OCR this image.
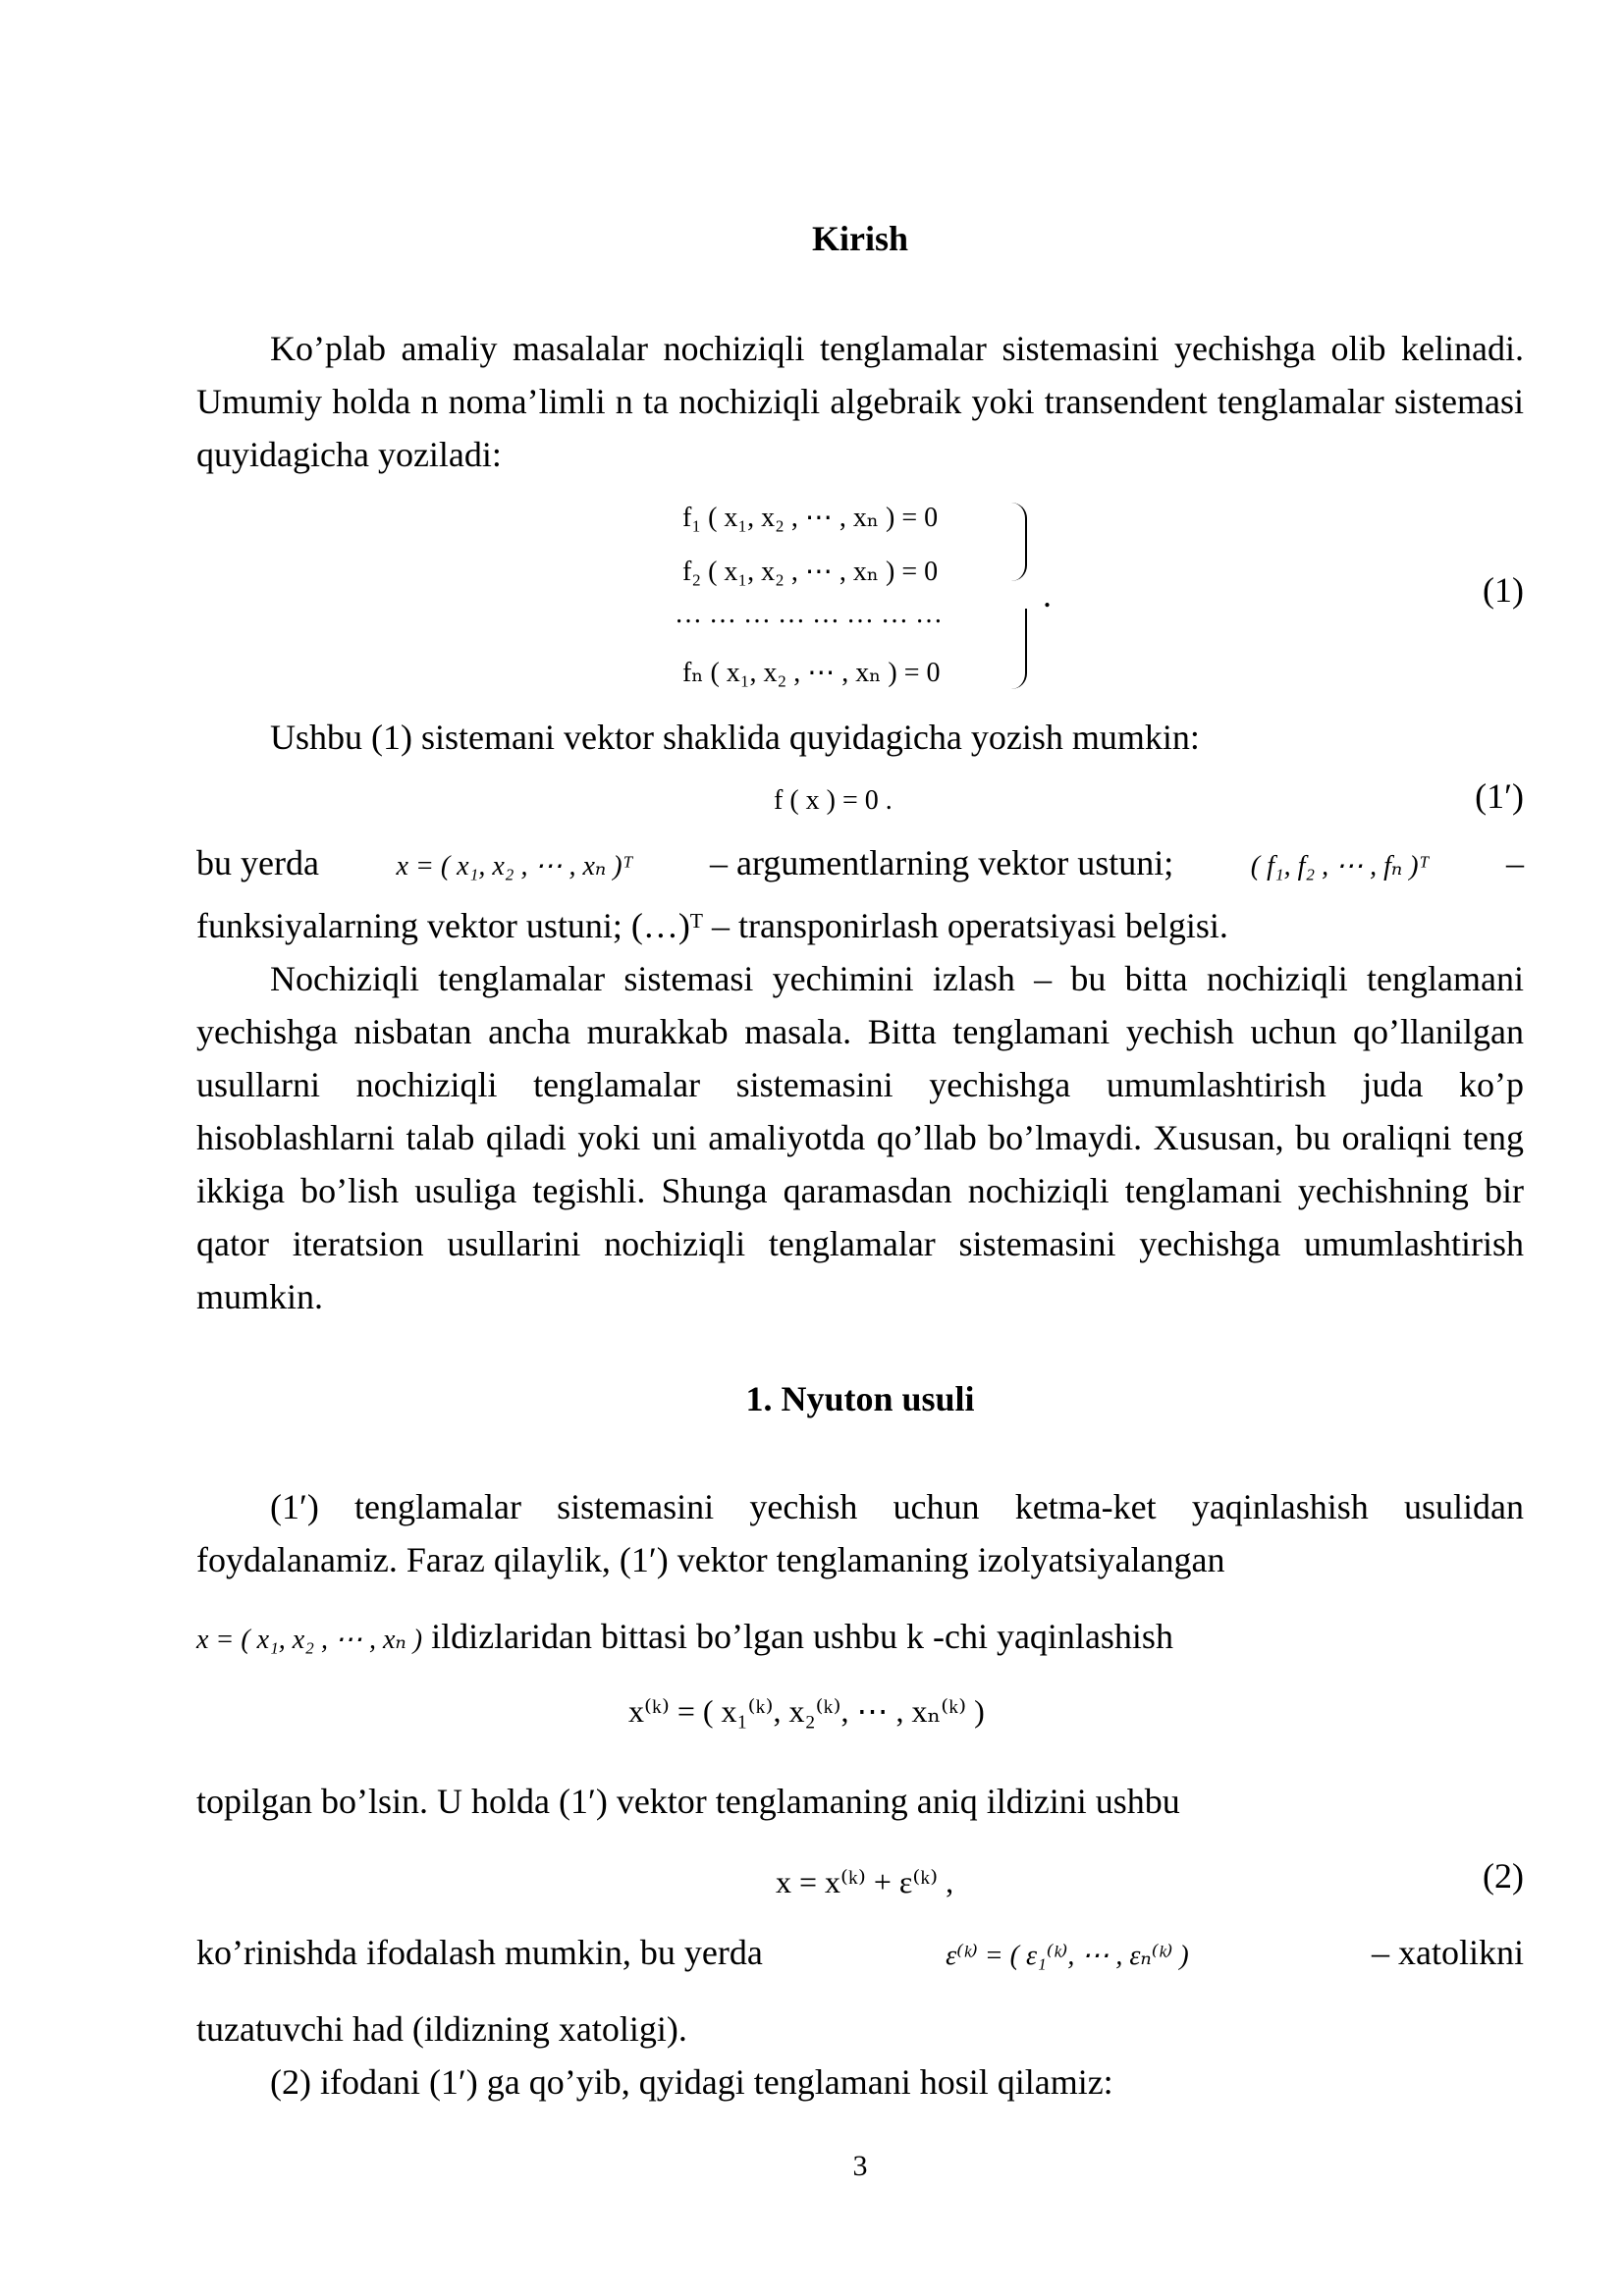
Kirish
Ko’plab amaliy masalalar nochiziqli tenglamalar sistemasini yechishga olib kelinadi. Umumiy holda n noma’limli n ta nochiziqli algebraik yoki transendent tenglamalar sistemasi quyidagicha yoziladi:
f₁ ( x₁, x₂ , ⋯ , xₙ ) = 0
f₂ ( x₁, x₂ , ⋯ , xₙ ) = 0
… … … … … … … …
fₙ ( x₁, x₂ , ⋯ , xₙ ) = 0
.	(1)
Ushbu (1) sistemani vektor shaklida quyidagicha yozish mumkin:
f ( x ) = 0 .	(1′)
bu yerda	x = ( x₁, x₂ , ⋯ , xₙ )ᵀ – argumentlarning vektor ustuni;	( f₁, f₂ , ⋯ , fₙ )ᵀ –
funksiyalarning vektor ustuni; (…)ᵀ – transponirlash operatsiyasi belgisi.
Nochiziqli tenglamalar sistemasi yechimini izlash – bu bitta nochiziqli tenglamani yechishga nisbatan ancha murakkab masala. Bitta tenglamani yechish uchun qo’llanilgan usullarni nochiziqli tenglamalar sistemasini yechishga umumlashtirish juda ko’p hisoblashlarni talab qiladi yoki uni amaliyotda qo’llab bo’lmaydi. Xususan, bu oraliqni teng ikkiga bo’lish usuliga tegishli. Shunga qaramasdan nochiziqli tenglamani yechishning bir qator iteratsion usullarini nochiziqli tenglamalar sistemasini yechishga umumlashtirish mumkin.
1. Nyuton usuli
(1′) tenglamalar sistemasini yechish uchun ketma-ket yaqinlashish usulidan foydalanamiz. Faraz qilaylik, (1′) vektor tenglamaning izolyatsiyalangan
x = ( x₁, x₂ , ⋯ , xₙ ) ildizlaridan bittasi bo’lgan ushbu k -chi yaqinlashish
x⁽ᵏ⁾ = ( x₁⁽ᵏ⁾, x₂⁽ᵏ⁾, ⋯ , xₙ⁽ᵏ⁾ )
topilgan bo’lsin. U holda (1′) vektor tenglamaning aniq ildizini ushbu
x = x⁽ᵏ⁾ + ε⁽ᵏ⁾ ,	(2)
ko’rinishda ifodalash mumkin, bu yerda	ε⁽ᵏ⁾ = ( ε₁⁽ᵏ⁾, ⋯ , εₙ⁽ᵏ⁾ )	– xatolikni
tuzatuvchi had (ildizning xatoligi).
(2) ifodani (1′) ga qo’yib, qyidagi tenglamani hosil qilamiz:
3
